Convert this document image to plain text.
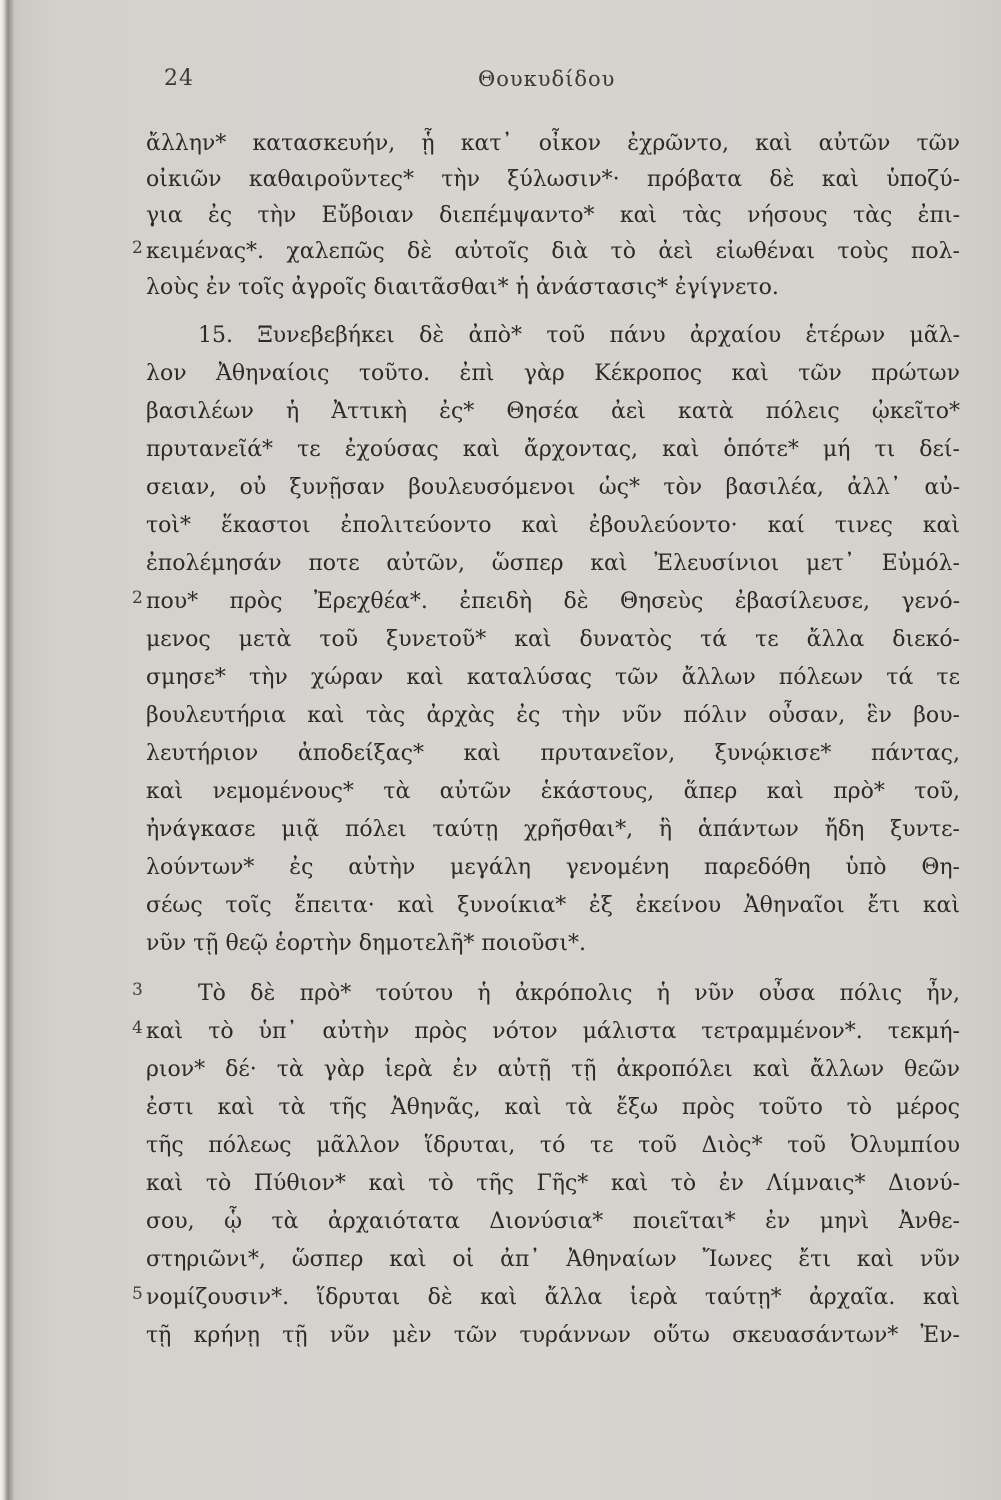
24	Θουκυδίδου
ἄλλην* κατασκευήν, ᾗ κατ᾽ οἶκον ἐχρῶντο, καὶ αὐτῶν τῶν
οἰκιῶν καθαιροῦντες* τὴν ξύλωσιν*· πρόβατα δὲ καὶ ὑποζύ-
για ἐς τὴν Εὔβοιαν διεπέμψαντο* καὶ τὰς νήσους τὰς ἐπι-
2 κειμένας*. χαλεπῶς δὲ αὐτοῖς διὰ τὸ ἀεὶ εἰωθέναι τοὺς πολ-
λοὺς ἐν τοῖς ἀγροῖς διαιτᾶσθαι* ἡ ἀνάστασις* ἐγίγνετο.
15. Ξυνεβεβήκει δὲ ἀπὸ* τοῦ πάνυ ἀρχαίου ἑτέρων μᾶλ-
λον Ἀθηναίοις τοῦτο. ἐπὶ γὰρ Κέκροπος καὶ τῶν πρώτων
βασιλέων ἡ Ἀττικὴ ἐς* Θησέα ἀεὶ κατὰ πόλεις ᾠκεῖτο*
πρυτανεῖά* τε ἐχούσας καὶ ἄρχοντας, καὶ ὁπότε* μή τι δεί-
σειαν, οὐ ξυνῇσαν βουλευσόμενοι ὡς* τὸν βασιλέα, ἀλλ᾽ αὐ-
τοὶ* ἕκαστοι ἐπολιτεύοντο καὶ ἐβουλεύοντο· καί τινες καὶ
ἐπολέμησάν ποτε αὐτῶν, ὥσπερ καὶ Ἐλευσίνιοι μετ᾽ Εὐμόλ-
2 που* πρὸς Ἐρεχθέα*. ἐπειδὴ δὲ Θησεὺς ἐβασίλευσε, γενό-
μενος μετὰ τοῦ ξυνετοῦ* καὶ δυνατὸς τά τε ἄλλα διεκό-
σμησε* τὴν χώραν καὶ καταλύσας τῶν ἄλλων πόλεων τά τε
βουλευτήρια καὶ τὰς ἀρχὰς ἐς τὴν νῦν πόλιν οὖσαν, ἓν βου-
λευτήριον ἀποδείξας* καὶ πρυτανεῖον, ξυνῴκισε* πάντας,
καὶ νεμομένους* τὰ αὐτῶν ἑκάστους, ἅπερ καὶ πρὸ* τοῦ,
ἠνάγκασε μιᾷ πόλει ταύτῃ χρῆσθαι*, ἣ ἁπάντων ἤδη ξυντε-
λούντων* ἐς αὐτὴν μεγάλη γενομένη παρεδόθη ὑπὸ Θη-
σέως τοῖς ἔπειτα· καὶ ξυνοίκια* ἐξ ἐκείνου Ἀθηναῖοι ἔτι καὶ
νῦν τῇ θεῷ ἑορτὴν δημοτελῆ* ποιοῦσι*.
3	Τὸ δὲ πρὸ* τούτου ἡ ἀκρόπολις ἡ νῦν οὖσα πόλις ἦν,
4 καὶ τὸ ὑπ᾽ αὐτὴν πρὸς νότον μάλιστα τετραμμένον*. τεκμή-
ριον* δέ· τὰ γὰρ ἱερὰ ἐν αὐτῇ τῇ ἀκροπόλει καὶ ἄλλων θεῶν
ἐστι καὶ τὰ τῆς Ἀθηνᾶς, καὶ τὰ ἔξω πρὸς τοῦτο τὸ μέρος
τῆς πόλεως μᾶλλον ἵδρυται, τό τε τοῦ Διὸς* τοῦ Ὀλυμπίου
καὶ τὸ Πύθιον* καὶ τὸ τῆς Γῆς* καὶ τὸ ἐν Λίμναις* Διονύ-
σου, ᾧ τὰ ἀρχαιότατα Διονύσια* ποιεῖται* ἐν μηνὶ Ἀνθε-
στηριῶνι*, ὥσπερ καὶ οἱ ἀπ᾽ Ἀθηναίων Ἴωνες ἔτι καὶ νῦν
5 νομίζουσιν*. ἵδρυται δὲ καὶ ἄλλα ἱερὰ ταύτῃ* ἀρχαῖα. καὶ
τῇ κρήνῃ τῇ νῦν μὲν τῶν τυράννων οὕτω σκευασάντων* Ἐν-
